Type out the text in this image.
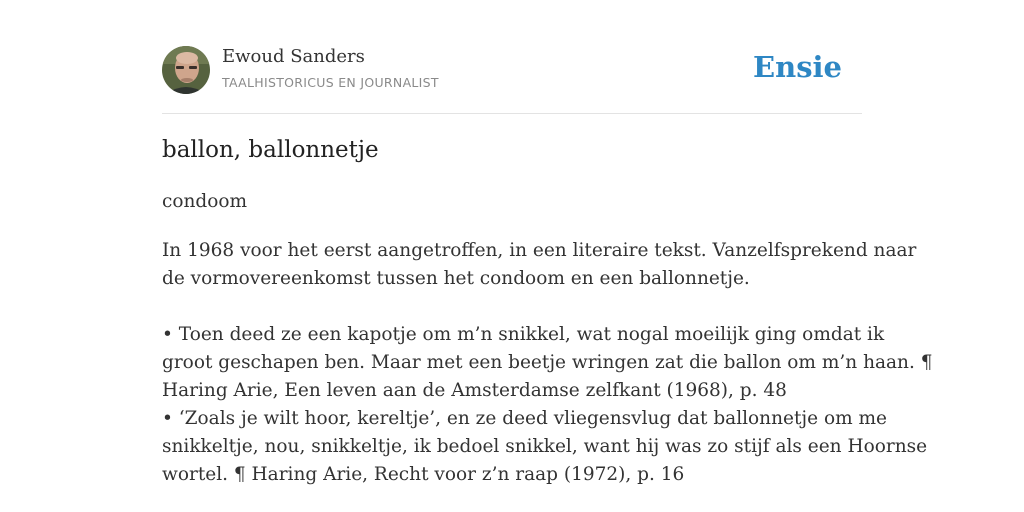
Ewoud Sanders
TAALHISTORICUS EN JOURNALIST	Ensie
ballon, ballonnetje
condoom
In 1968 voor het eerst aangetroffen, in een literaire tekst. Vanzelfsprekend naar
de vormovereenkomst tussen het condoom en een ballonnetje.
• Toen deed ze een kapotje om m’n snikkel, wat nogal moeilijk ging omdat ik
groot geschapen ben. Maar met een beetje wringen zat die ballon om m’n haan. ¶
Haring Arie, Een leven aan de Amsterdamse zelfkant (1968), p. 48
• ‘Zoals je wilt hoor, kereltje’, en ze deed vliegensvlug dat ballonnetje om me
snikkeltje, nou, snikkeltje, ik bedoel snikkel, want hij was zo stijf als een Hoornse
wortel. ¶ Haring Arie, Recht voor z’n raap (1972), p. 16
